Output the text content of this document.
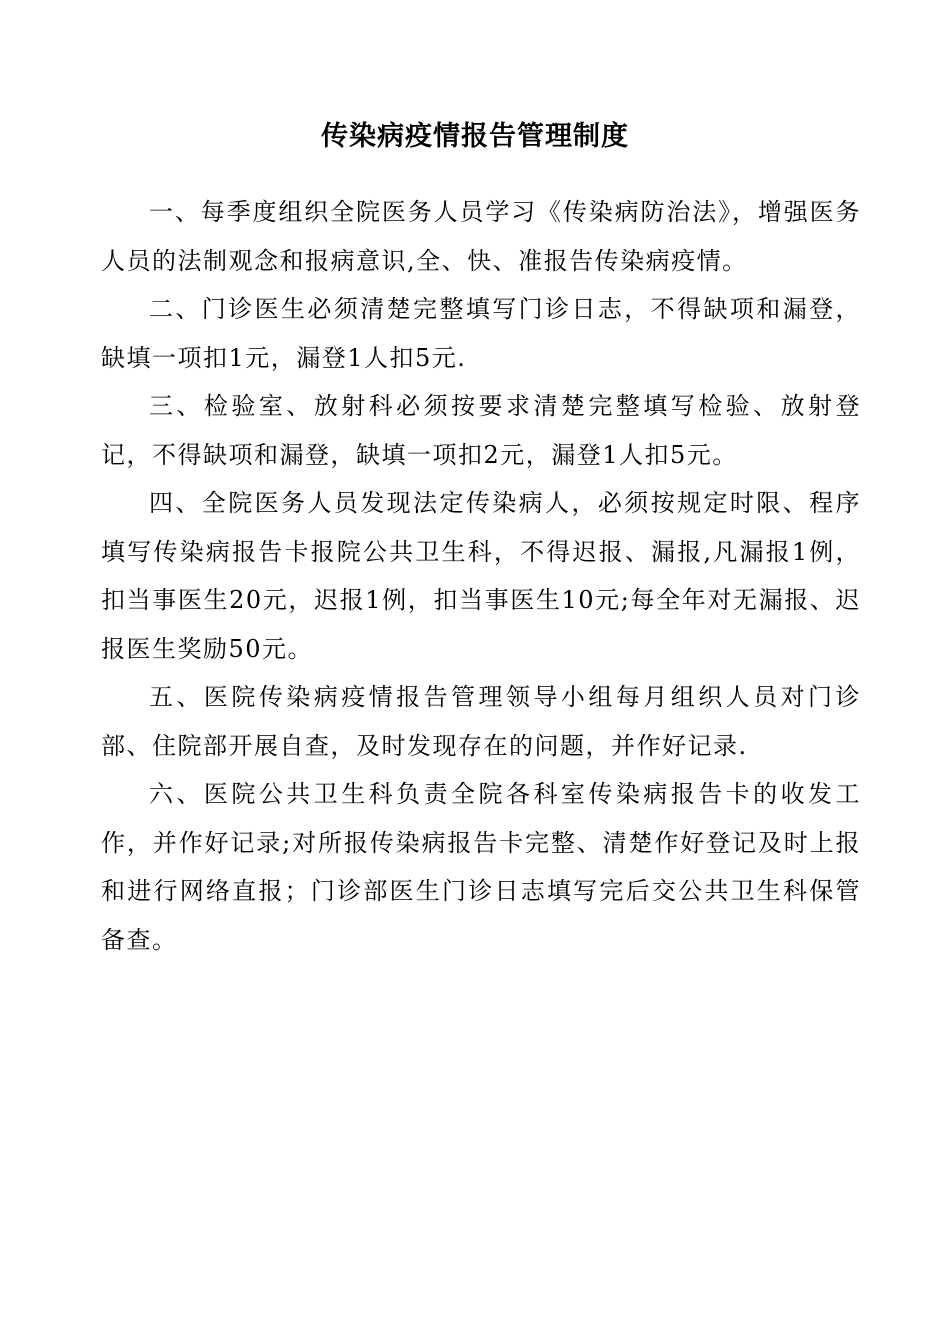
传染病疫情报告管理制度

一、每季度组织全院医务人员学习《传染病防治法》，增强医务人员的法制观念和报病意识,全、快、准报告传染病疫情。

二、门诊医生必须清楚完整填写门诊日志，不得缺项和漏登，缺填一项扣1元，漏登1人扣5元.

三、检验室、放射科必须按要求清楚完整填写检验、放射登记，不得缺项和漏登，缺填一项扣2元，漏登1人扣5元。

四、全院医务人员发现法定传染病人，必须按规定时限、程序填写传染病报告卡报院公共卫生科，不得迟报、漏报,凡漏报1例，扣当事医生20元，迟报1例，扣当事医生10元;每全年对无漏报、迟报医生奖励50元。

五、医院传染病疫情报告管理领导小组每月组织人员对门诊部、住院部开展自查，及时发现存在的问题，并作好记录.

六、医院公共卫生科负责全院各科室传染病报告卡的收发工作，并作好记录;对所报传染病报告卡完整、清楚作好登记及时上报和进行网络直报；门诊部医生门诊日志填写完后交公共卫生科保管备查。
